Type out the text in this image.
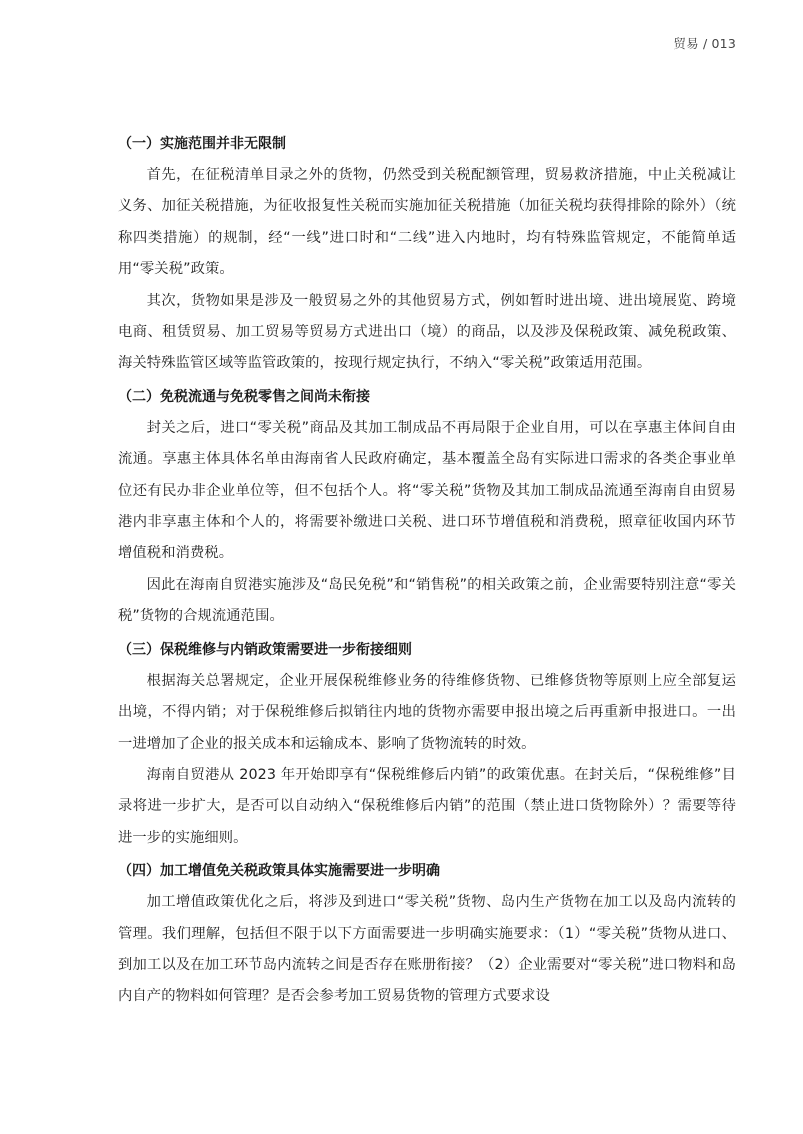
贸易 / 013
（一）实施范围并非无限制

首先，在征税清单目录之外的货物，仍然受到关税配额管理，贸易救济措施，中止关税减让义务、加征关税措施，为征收报复性关税而实施加征关税措施（加征关税均获得排除的除外）（统称四类措施）的规制，经“一线”进口时和“二线”进入内地时，均有特殊监管规定，不能简单适用“零关税”政策。

其次，货物如果是涉及一般贸易之外的其他贸易方式，例如暂时进出境、进出境展览、跨境电商、租赁贸易、加工贸易等贸易方式进出口（境）的商品，以及涉及保税政策、减免税政策、海关特殊监管区域等监管政策的，按现行规定执行，不纳入“零关税”政策适用范围。

（二）免税流通与免税零售之间尚未衔接

封关之后，进口“零关税”商品及其加工制成品不再局限于企业自用，可以在享惠主体间自由流通。享惠主体具体名单由海南省人民政府确定，基本覆盖全岛有实际进口需求的各类企事业单位还有民办非企业单位等，但不包括个人。将“零关税”货物及其加工制成品流通至海南自由贸易港内非享惠主体和个人的，将需要补缴进口关税、进口环节增值税和消费税，照章征收国内环节增值税和消费税。

因此在海南自贸港实施涉及“岛民免税”和“销售税”的相关政策之前，企业需要特别注意“零关税”货物的合规流通范围。

（三）保税维修与内销政策需要进一步衔接细则

根据海关总署规定，企业开展保税维修业务的待维修货物、已维修货物等原则上应全部复运出境，不得内销；对于保税维修后拟销往内地的货物亦需要申报出境之后再重新申报进口。一出一进增加了企业的报关成本和运输成本、影响了货物流转的时效。

海南自贸港从 2023 年开始即享有“保税维修后内销”的政策优惠。在封关后，“保税维修”目录将进一步扩大，是否可以自动纳入“保税维修后内销”的范围（禁止进口货物除外）？需要等待进一步的实施细则。

（四）加工增值免关税政策具体实施需要进一步明确

加工增值政策优化之后，将涉及到进口“零关税”货物、岛内生产货物在加工以及岛内流转的管理。我们理解，包括但不限于以下方面需要进一步明确实施要求：（1）“零关税”货物从进口、到加工以及在加工环节岛内流转之间是否存在账册衔接？（2）企业需要对“零关税”进口物料和岛内自产的物料如何管理？是否会参考加工贸易货物的管理方式要求设
